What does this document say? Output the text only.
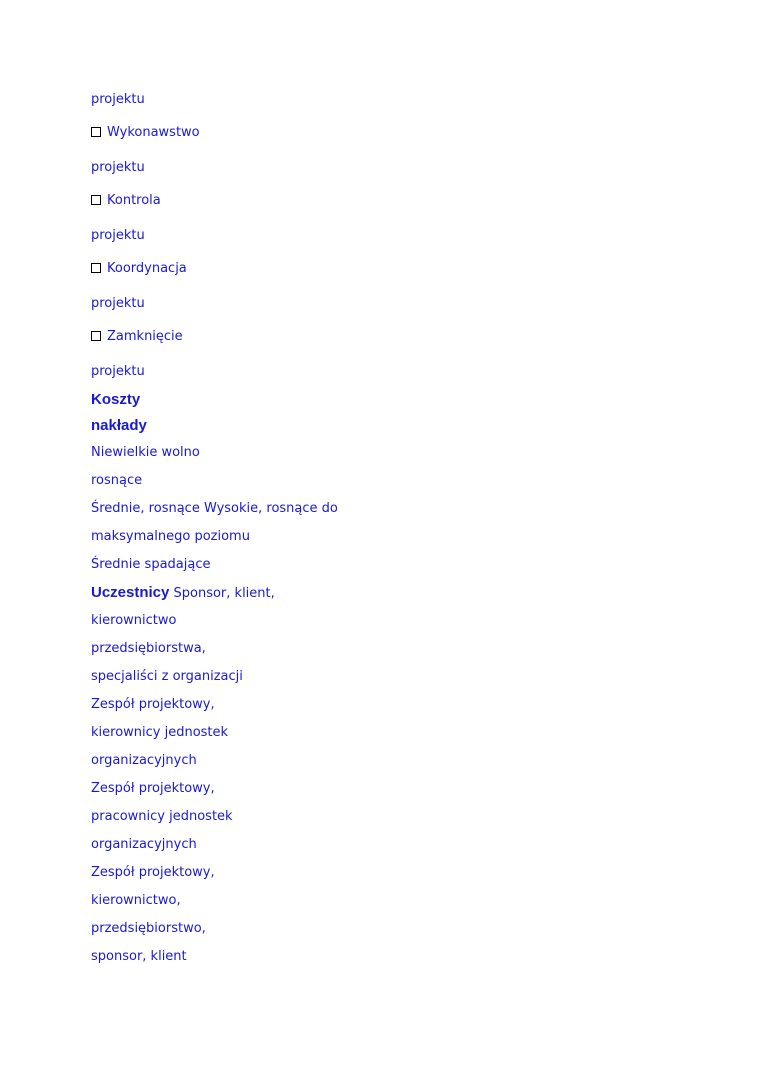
projektu
Wykonawstwo
projektu
Kontrola
projektu
Koordynacja
projektu
Zamknięcie
projektu
Koszty
nakłady
Niewielkie wolno
rosnące
Średnie, rosnące Wysokie, rosnące do
maksymalnego poziomu
Średnie spadające
Uczestnicy Sponsor, klient,
kierownictwo
przedsiębiorstwa,
specjaliści z organizacji
Zespół projektowy,
kierownicy jednostek
organizacyjnych
Zespół projektowy,
pracownicy jednostek
organizacyjnych
Zespół projektowy,
kierownictwo,
przedsiębiorstwo,
sponsor, klient
